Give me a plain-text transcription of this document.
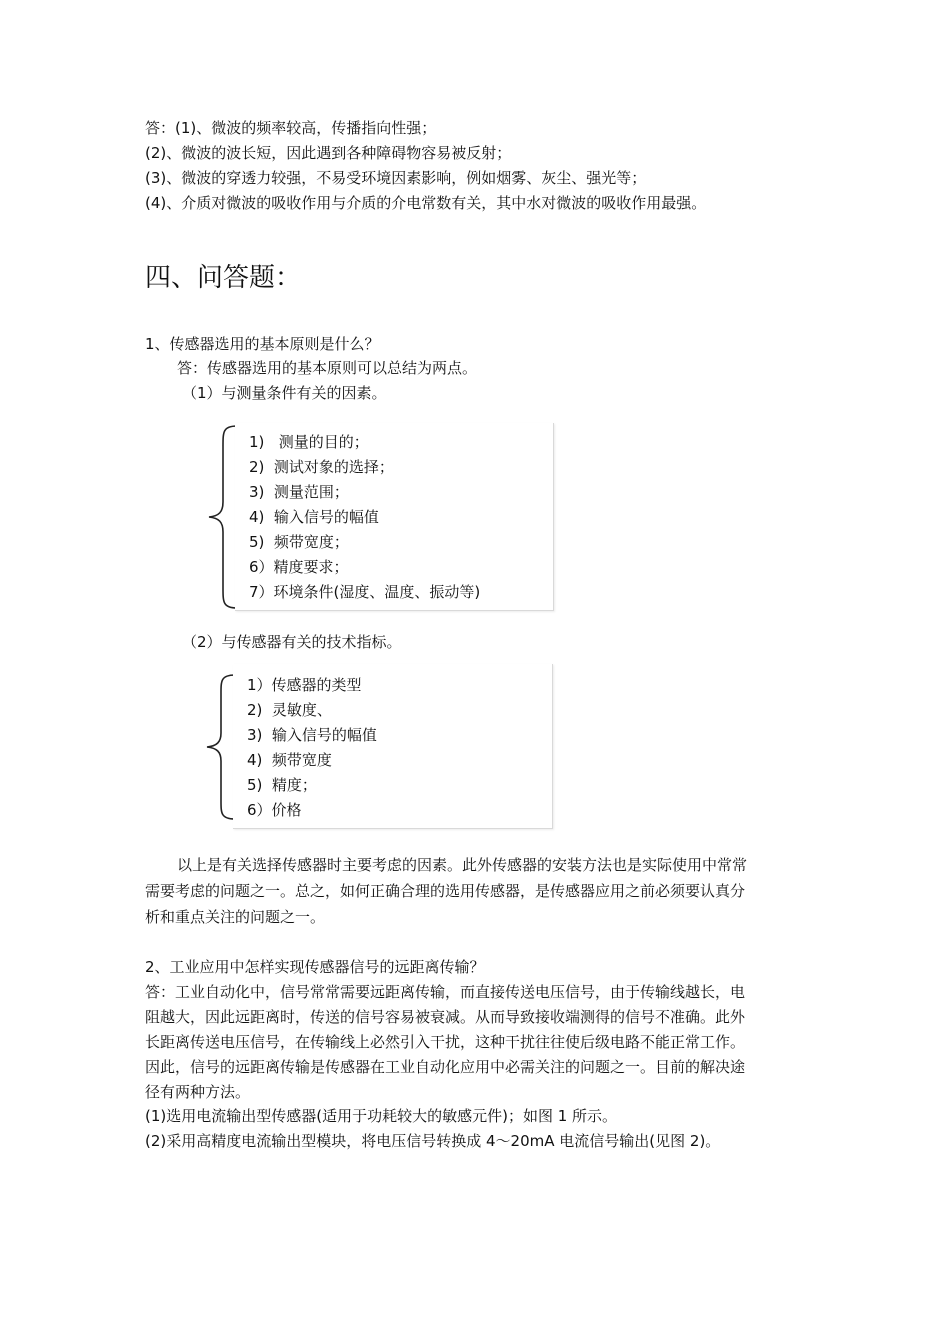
答：(1)、微波的频率较高，传播指向性强；
(2)、微波的波长短，因此遇到各种障碍物容易被反射；
(3)、微波的穿透力较强，不易受环境因素影响，例如烟雾、灰尘、强光等；
(4)、介质对微波的吸收作用与介质的介电常数有关，其中水对微波的吸收作用最强。
四、问答题：
1、传感器选用的基本原则是什么？
答：传感器选用的基本原则可以总结为两点。
（1）与测量条件有关的因素。
1)   测量的目的；
2)  测试对象的选择；
3)  测量范围；
4)  输入信号的幅值
5)  频带宽度；
6）精度要求；
7）环境条件(湿度、温度、振动等)
（2）与传感器有关的技术指标。
1）传感器的类型
2)  灵敏度、
3)  输入信号的幅值
4)  频带宽度
5)  精度；
6）价格
以上是有关选择传感器时主要考虑的因素。此外传感器的安装方法也是实际使用中常常
需要考虑的问题之一。总之，如何正确合理的选用传感器，是传感器应用之前必须要认真分
析和重点关注的问题之一。
2、工业应用中怎样实现传感器信号的远距离传输？
答：工业自动化中，信号常常需要远距离传输，而直接传送电压信号，由于传输线越长，电
阻越大，因此远距离时，传送的信号容易被衰减。从而导致接收端测得的信号不准确。此外
长距离传送电压信号，在传输线上必然引入干扰，这种干扰往往使后级电路不能正常工作。
因此，信号的远距离传输是传感器在工业自动化应用中必需关注的问题之一。目前的解决途
径有两种方法。
(1)选用电流输出型传感器(适用于功耗较大的敏感元件)；如图 1 所示。
(2)采用高精度电流输出型模块，将电压信号转换成 4～20mA 电流信号输出(见图 2)。
